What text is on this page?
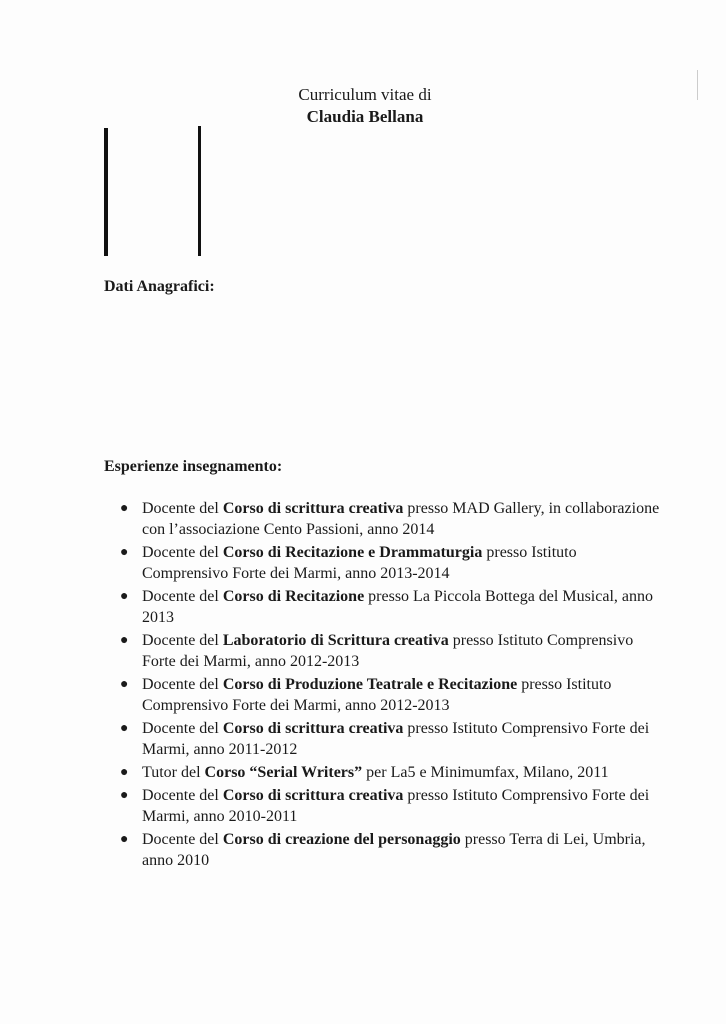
Curriculum vitae di
Claudia Bellana
Dati Anagrafici:
Esperienze insegnamento:
● Docente del Corso di scrittura creativa presso MAD Gallery, in collaborazione con l’associazione Cento Passioni, anno 2014
● Docente del Corso di Recitazione e Drammaturgia presso Istituto Comprensivo Forte dei Marmi, anno 2013-2014
● Docente del Corso di Recitazione presso La Piccola Bottega del Musical, anno 2013
● Docente del Laboratorio di Scrittura creativa presso Istituto Comprensivo Forte dei Marmi, anno 2012-2013
● Docente del Corso di Produzione Teatrale e Recitazione presso Istituto Comprensivo Forte dei Marmi, anno 2012-2013
● Docente del Corso di scrittura creativa presso Istituto Comprensivo Forte dei Marmi, anno 2011-2012
● Tutor del Corso “Serial Writers” per La5 e Minimumfax, Milano, 2011
● Docente del Corso di scrittura creativa presso Istituto Comprensivo Forte dei Marmi, anno 2010-2011
● Docente del Corso di creazione del personaggio presso Terra di Lei, Umbria, anno 2010
